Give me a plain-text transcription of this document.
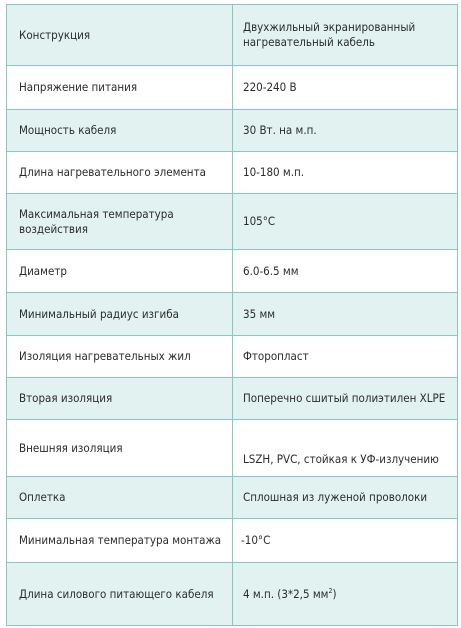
Конструкция	Двухжильный экранированный нагревательный кабель
Напряжение питания	220-240 В
Мощность кабеля	30 Вт. на м.п.
Длина нагревательного элемента	10-180 м.п.
Максимальная температура воздействия	105°С
Диаметр	6.0-6.5 мм
Минимальный радиус изгиба	35 мм
Изоляция нагревательных жил	Фторопласт
Вторая изоляция	Поперечно сшитый полиэтилен XLPE
Внешняя изоляция	LSZH, PVC, стойкая к УФ-излучению
Оплетка	Сплошная из луженой проволоки
Минимальная температура монтажа	-10°С
Длина силового питающего кабеля	4 м.п. (3*2,5 $мм^2$)
